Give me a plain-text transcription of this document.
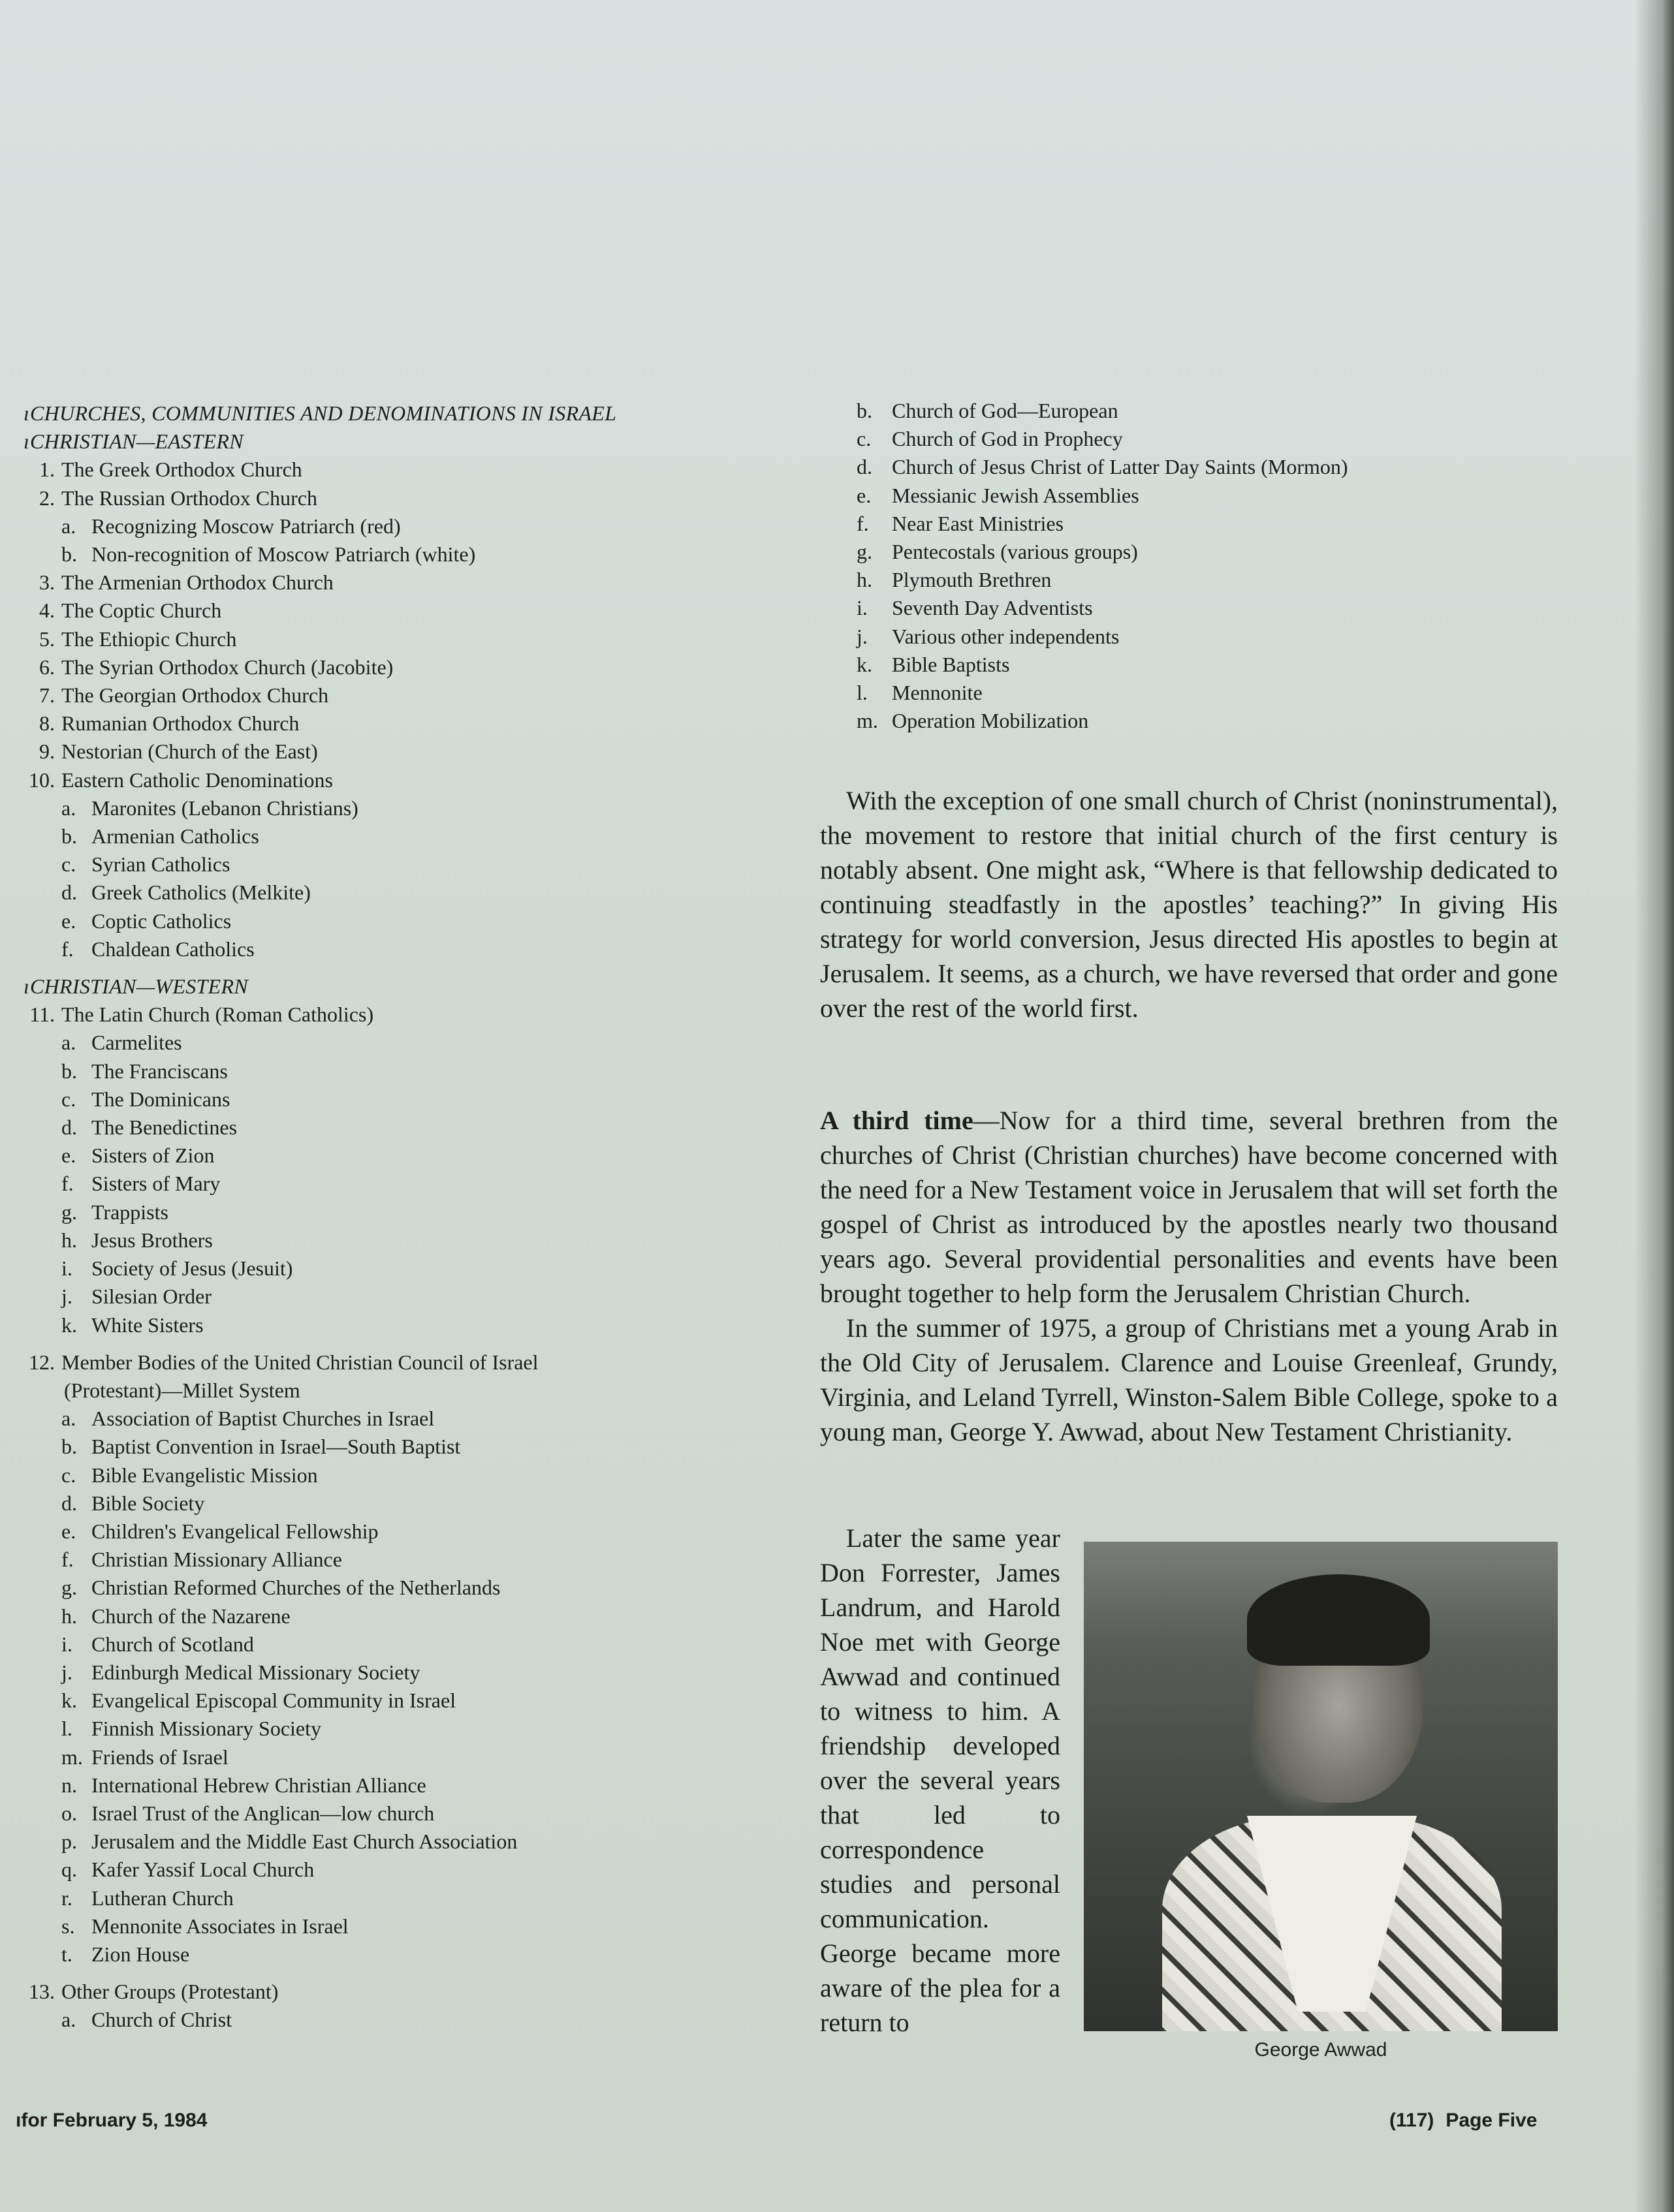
ıCHURCHES, COMMUNITIES AND DENOMINATIONS IN ISRAEL
ıCHRISTIAN—EASTERN
1. The Greek Orthodox Church
2. The Russian Orthodox Church
a. Recognizing Moscow Patriarch (red)
b. Non-recognition of Moscow Patriarch (white)
3. The Armenian Orthodox Church
4. The Coptic Church
5. The Ethiopic Church
6. The Syrian Orthodox Church (Jacobite)
7. The Georgian Orthodox Church
8. Rumanian Orthodox Church
9. Nestorian (Church of the East)
10. Eastern Catholic Denominations
a. Maronites (Lebanon Christians)
b. Armenian Catholics
c. Syrian Catholics
d. Greek Catholics (Melkite)
e. Coptic Catholics
f. Chaldean Catholics
ıCHRISTIAN—WESTERN
11. The Latin Church (Roman Catholics)
a. Carmelites
b. The Franciscans
c. The Dominicans
d. The Benedictines
e. Sisters of Zion
f. Sisters of Mary
g. Trappists
h. Jesus Brothers
i. Society of Jesus (Jesuit)
j. Silesian Order
k. White Sisters
12. Member Bodies of the United Christian Council of Israel
(Protestant)—Millet System
a. Association of Baptist Churches in Israel
b. Baptist Convention in Israel—South Baptist
c. Bible Evangelistic Mission
d. Bible Society
e. Children's Evangelical Fellowship
f. Christian Missionary Alliance
g. Christian Reformed Churches of the Netherlands
h. Church of the Nazarene
i. Church of Scotland
j. Edinburgh Medical Missionary Society
k. Evangelical Episcopal Community in Israel
l. Finnish Missionary Society
m. Friends of Israel
n. International Hebrew Christian Alliance
o. Israel Trust of the Anglican—low church
p. Jerusalem and the Middle East Church Association
q. Kafer Yassif Local Church
r. Lutheran Church
s. Mennonite Associates in Israel
t. Zion House
13. Other Groups (Protestant)
a. Church of Christ
b. Church of God—European
c. Church of God in Prophecy
d. Church of Jesus Christ of Latter Day Saints (Mormon)
e. Messianic Jewish Assemblies
f.	Near East Ministries
g. Pentecostals (various groups)
h. Plymouth Brethren
i.	Seventh Day Adventists
j.	Various other independents
k. Bible Baptists
l.	Mennonite
m. Operation Mobilization

With the exception of one small church of Christ (noninstrumental), the movement to restore that initial church of the first century is notably absent. One might ask, “Where is that fellowship dedicated to continuing steadfastly in the apostles’ teaching?” In giving His strategy for world conversion, Jesus directed His apostles to begin at Jerusalem. It seems, as a church, we have reversed that order and gone over the rest of the world first.

A third time—Now for a third time, several brethren from the churches of Christ (Christian churches) have become concerned with the need for a New Testament voice in Jerusalem that will set forth the gospel of Christ as introduced by the apostles nearly two thousand years ago. Several providential personalities and events have been brought together to help form the Jerusalem Christian Church.

In the summer of 1975, a group of Christians met a young Arab in the Old City of Jerusalem. Clarence and Louise Greenleaf, Grundy, Virginia, and Leland Tyrrell, Winston-Salem Bible College, spoke to a young man, George Y. Awwad, about New Testament Christianity.

Later the same year Don Forrester, James Landrum, and Harold Noe met with George Awwad and continued to witness to him. A friendship developed over the several years that led to correspondence studies and personal communication. George became more aware of the plea for a return to

George Awwad
ıfor February 5, 1984	(117) Page Five
